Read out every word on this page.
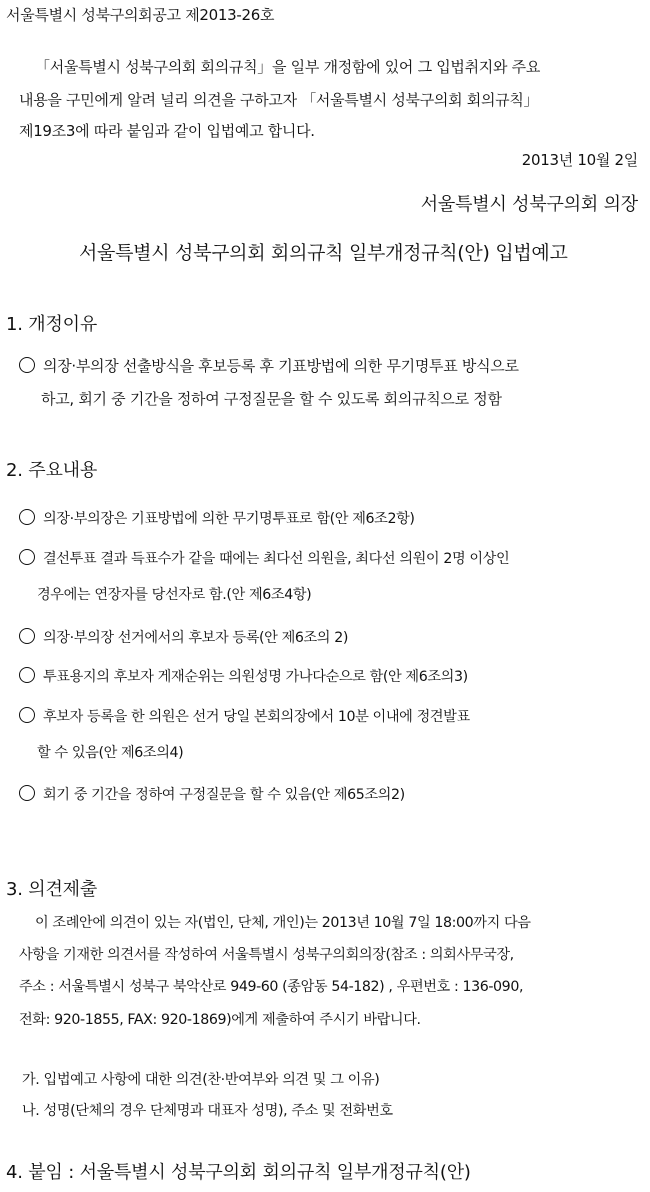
서울특별시 성북구의회공고 제2013-26호
「서울특별시 성북구의회 회의규칙」을 일부 개정함에 있어 그 입법취지와 주요
내용을 구민에게 알려 널리 의견을 구하고자 「서울특별시 성북구의회 회의규칙」
제19조3에 따라 붙임과 같이 입법예고 합니다.
2013년 10월 2일
서울특별시 성북구의회 의장
서울특별시 성북구의회 회의규칙 일부개정규칙(안) 입법예고
1. 개정이유
의장·부의장 선출방식을 후보등록 후 기표방법에 의한 무기명투표 방식으로
하고, 회기 중 기간을 정하여 구정질문을 할 수 있도록 회의규칙으로 정함
2. 주요내용
의장·부의장은 기표방법에 의한 무기명투표로 함(안 제6조2항)
결선투표 결과 득표수가 같을 때에는 최다선 의원을, 최다선 의원이 2명 이상인
경우에는 연장자를 당선자로 함.(안 제6조4항)
의장·부의장 선거에서의 후보자 등록(안 제6조의 2)
투표용지의 후보자 게재순위는 의원성명 가나다순으로 함(안 제6조의3)
후보자 등록을 한 의원은 선거 당일 본회의장에서 10분 이내에 정견발표
할 수 있음(안 제6조의4)
회기 중 기간을 정하여 구정질문을 할 수 있음(안 제65조의2)
3. 의견제출
이 조례안에 의견이 있는 자(법인, 단체, 개인)는 2013년 10월 7일 18:00까지 다음
사항을 기재한 의견서를 작성하여 서울특별시 성북구의회의장(참조 : 의회사무국장,
주소 : 서울특별시 성북구 북악산로 949-60 (종암동 54-182) , 우편번호 : 136-090,
전화: 920-1855, FAX: 920-1869)에게 제출하여 주시기 바랍니다.
가. 입법예고 사항에 대한 의견(찬·반여부와 의견 및 그 이유)
나. 성명(단체의 경우 단체명과 대표자 성명), 주소 및 전화번호
4. 붙임 : 서울특별시 성북구의회 회의규칙 일부개정규칙(안)
